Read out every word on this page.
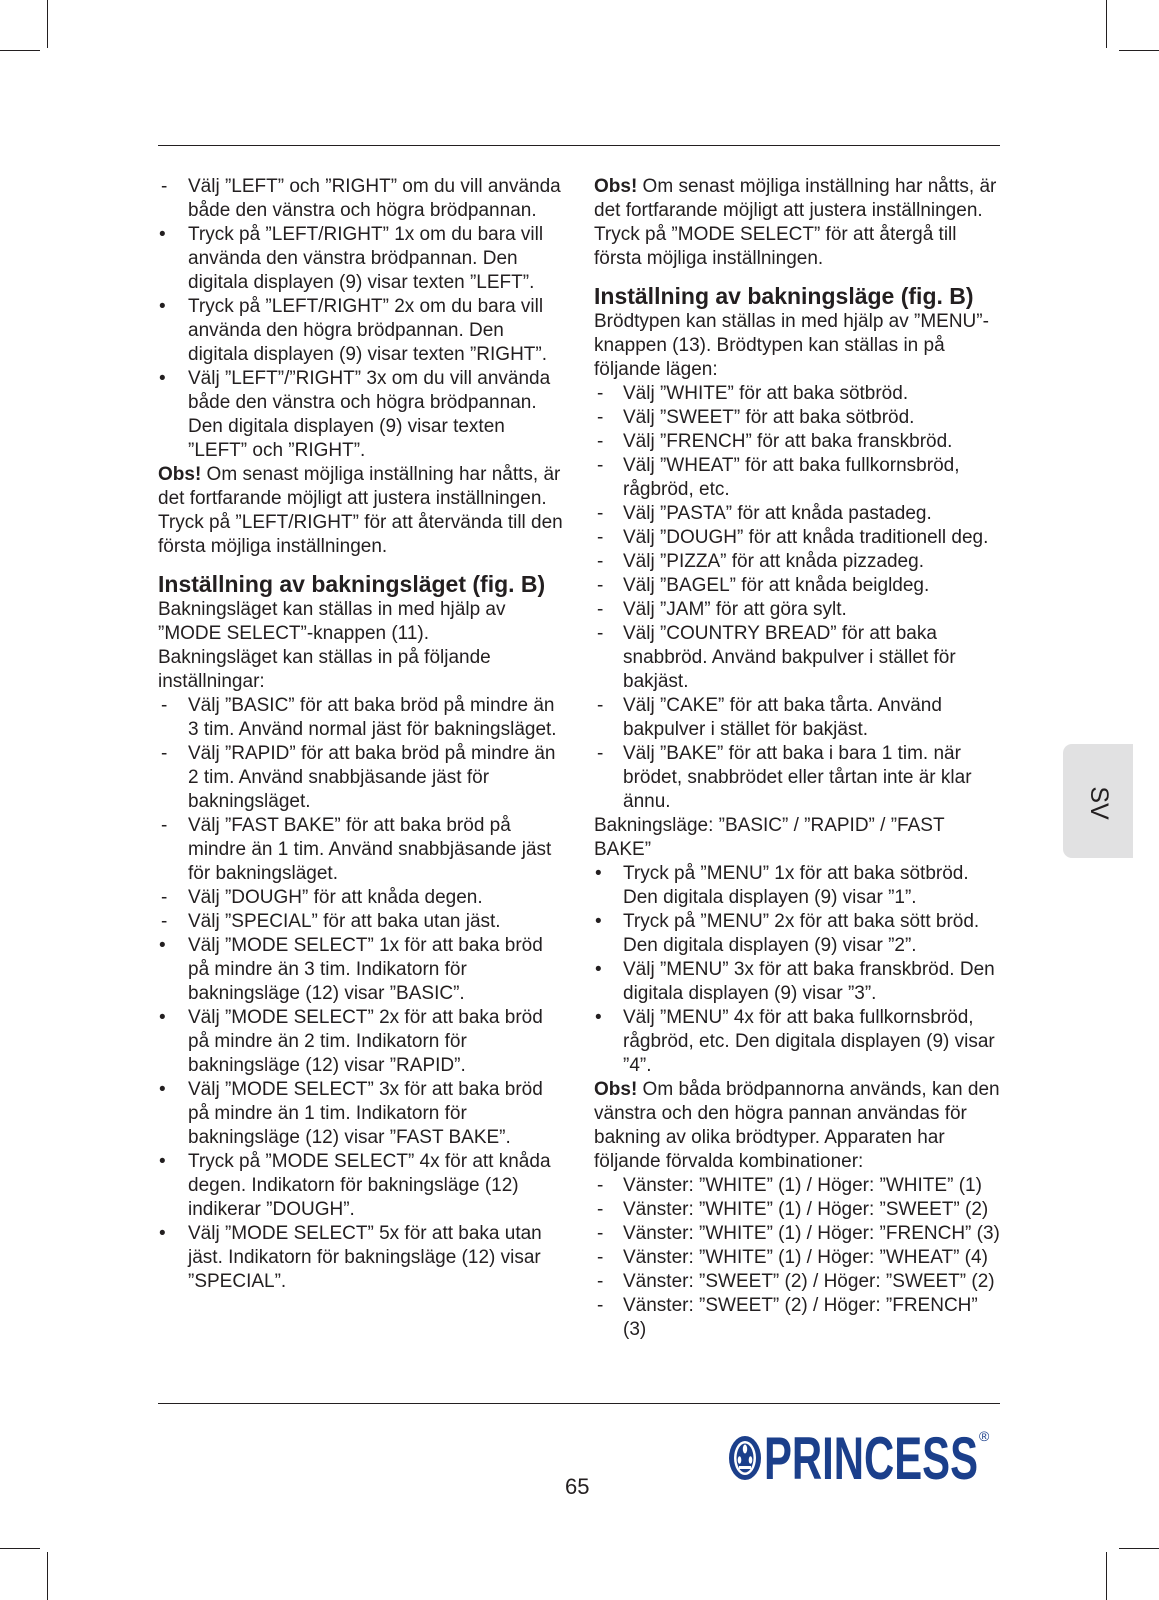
- Välj ”LEFT” och ”RIGHT” om du vill använda både den vänstra och högra brödpannan.
• Tryck på ”LEFT/RIGHT” 1x om du bara vill använda den vänstra brödpannan. Den digitala displayen (9) visar texten ”LEFT”.
• Tryck på ”LEFT/RIGHT” 2x om du bara vill använda den högra brödpannan. Den digitala displayen (9) visar texten ”RIGHT”.
• Välj ”LEFT”/”RIGHT” 3x om du vill använda både den vänstra och högra brödpannan. Den digitala displayen (9) visar texten ”LEFT” och ”RIGHT”.

Obs! Om senast möjliga inställning har nåtts, är det fortfarande möjligt att justera inställningen. Tryck på ”LEFT/RIGHT” för att återvända till den första möjliga inställningen.

Inställning av bakningsläget (fig. B)

Bakningsläget kan ställas in med hjälp av ”MODE SELECT”-knappen (11).

Bakningsläget kan ställas in på följande inställningar:

- Välj ”BASIC” för att baka bröd på mindre än 3 tim. Använd normal jäst för bakningsläget.
- Välj ”RAPID” för att baka bröd på mindre än 2 tim. Använd snabbjäsande jäst för bakningsläget.
- Välj ”FAST BAKE” för att baka bröd på mindre än 1 tim. Använd snabbjäsande jäst för bakningsläget.
- Välj ”DOUGH” för att knåda degen.
- Välj ”SPECIAL” för att baka utan jäst.
• Välj ”MODE SELECT” 1x för att baka bröd på mindre än 3 tim. Indikatorn för bakningsläge (12) visar ”BASIC”.
• Välj ”MODE SELECT” 2x för att baka bröd på mindre än 2 tim. Indikatorn för bakningsläge (12) visar ”RAPID”.
• Välj ”MODE SELECT” 3x för att baka bröd på mindre än 1 tim. Indikatorn för bakningsläge (12) visar ”FAST BAKE”.
• Tryck på ”MODE SELECT” 4x för att knåda degen. Indikatorn för bakningsläge (12) indikerar ”DOUGH”.
• Välj ”MODE SELECT” 5x för att baka utan jäst. Indikatorn för bakningsläge (12) visar ”SPECIAL”.

Obs! Om senast möjliga inställning har nåtts, är det fortfarande möjligt att justera inställningen. Tryck på ”MODE SELECT” för att återgå till första möjliga inställningen.

Inställning av bakningsläge (fig. B)

Brödtypen kan ställas in med hjälp av ”MENU”-knappen (13). Brödtypen kan ställas in på följande lägen:

- Välj ”WHITE” för att baka sötbröd.
- Välj ”SWEET” för att baka sötbröd.
- Välj ”FRENCH” för att baka franskbröd.
- Välj ”WHEAT” för att baka fullkornsbröd, rågbröd, etc.
- Välj ”PASTA” för att knåda pastadeg.
- Välj ”DOUGH” för att knåda traditionell deg.
- Välj ”PIZZA” för att knåda pizzadeg.
- Välj ”BAGEL” för att knåda beigldeg.
- Välj ”JAM” för att göra sylt.
- Välj ”COUNTRY BREAD” för att baka snabbröd. Använd bakpulver i stället för bakjäst.
- Välj ”CAKE” för att baka tårta. Använd bakpulver i stället för bakjäst.
- Välj ”BAKE” för att baka i bara 1 tim. när brödet, snabbrödet eller tårtan inte är klar ännu.

Bakningsläge: ”BASIC” / ”RAPID” / ”FAST BAKE”

• Tryck på ”MENU” 1x för att baka sötbröd. Den digitala displayen (9) visar ”1”.
• Tryck på ”MENU” 2x för att baka sött bröd. Den digitala displayen (9) visar ”2”.
• Välj ”MENU” 3x för att baka franskbröd. Den digitala displayen (9) visar ”3”.
• Välj ”MENU” 4x för att baka fullkornsbröd, rågbröd, etc. Den digitala displayen (9) visar ”4”.

Obs! Om båda brödpannorna används, kan den vänstra och den högra pannan användas för bakning av olika brödtyper. Apparaten har följande förvalda kombinationer:

- Vänster: ”WHITE” (1) / Höger: ”WHITE” (1)
- Vänster: ”WHITE” (1) / Höger: ”SWEET” (2)
- Vänster: ”WHITE” (1) / Höger: ”FRENCH” (3)
- Vänster: ”WHITE” (1) / Höger: ”WHEAT” (4)
- Vänster: ”SWEET” (2) / Höger: ”SWEET” (2)
- Vänster: ”SWEET” (2) / Höger: ”FRENCH” (3)
SV
65	PRINCESS ®
